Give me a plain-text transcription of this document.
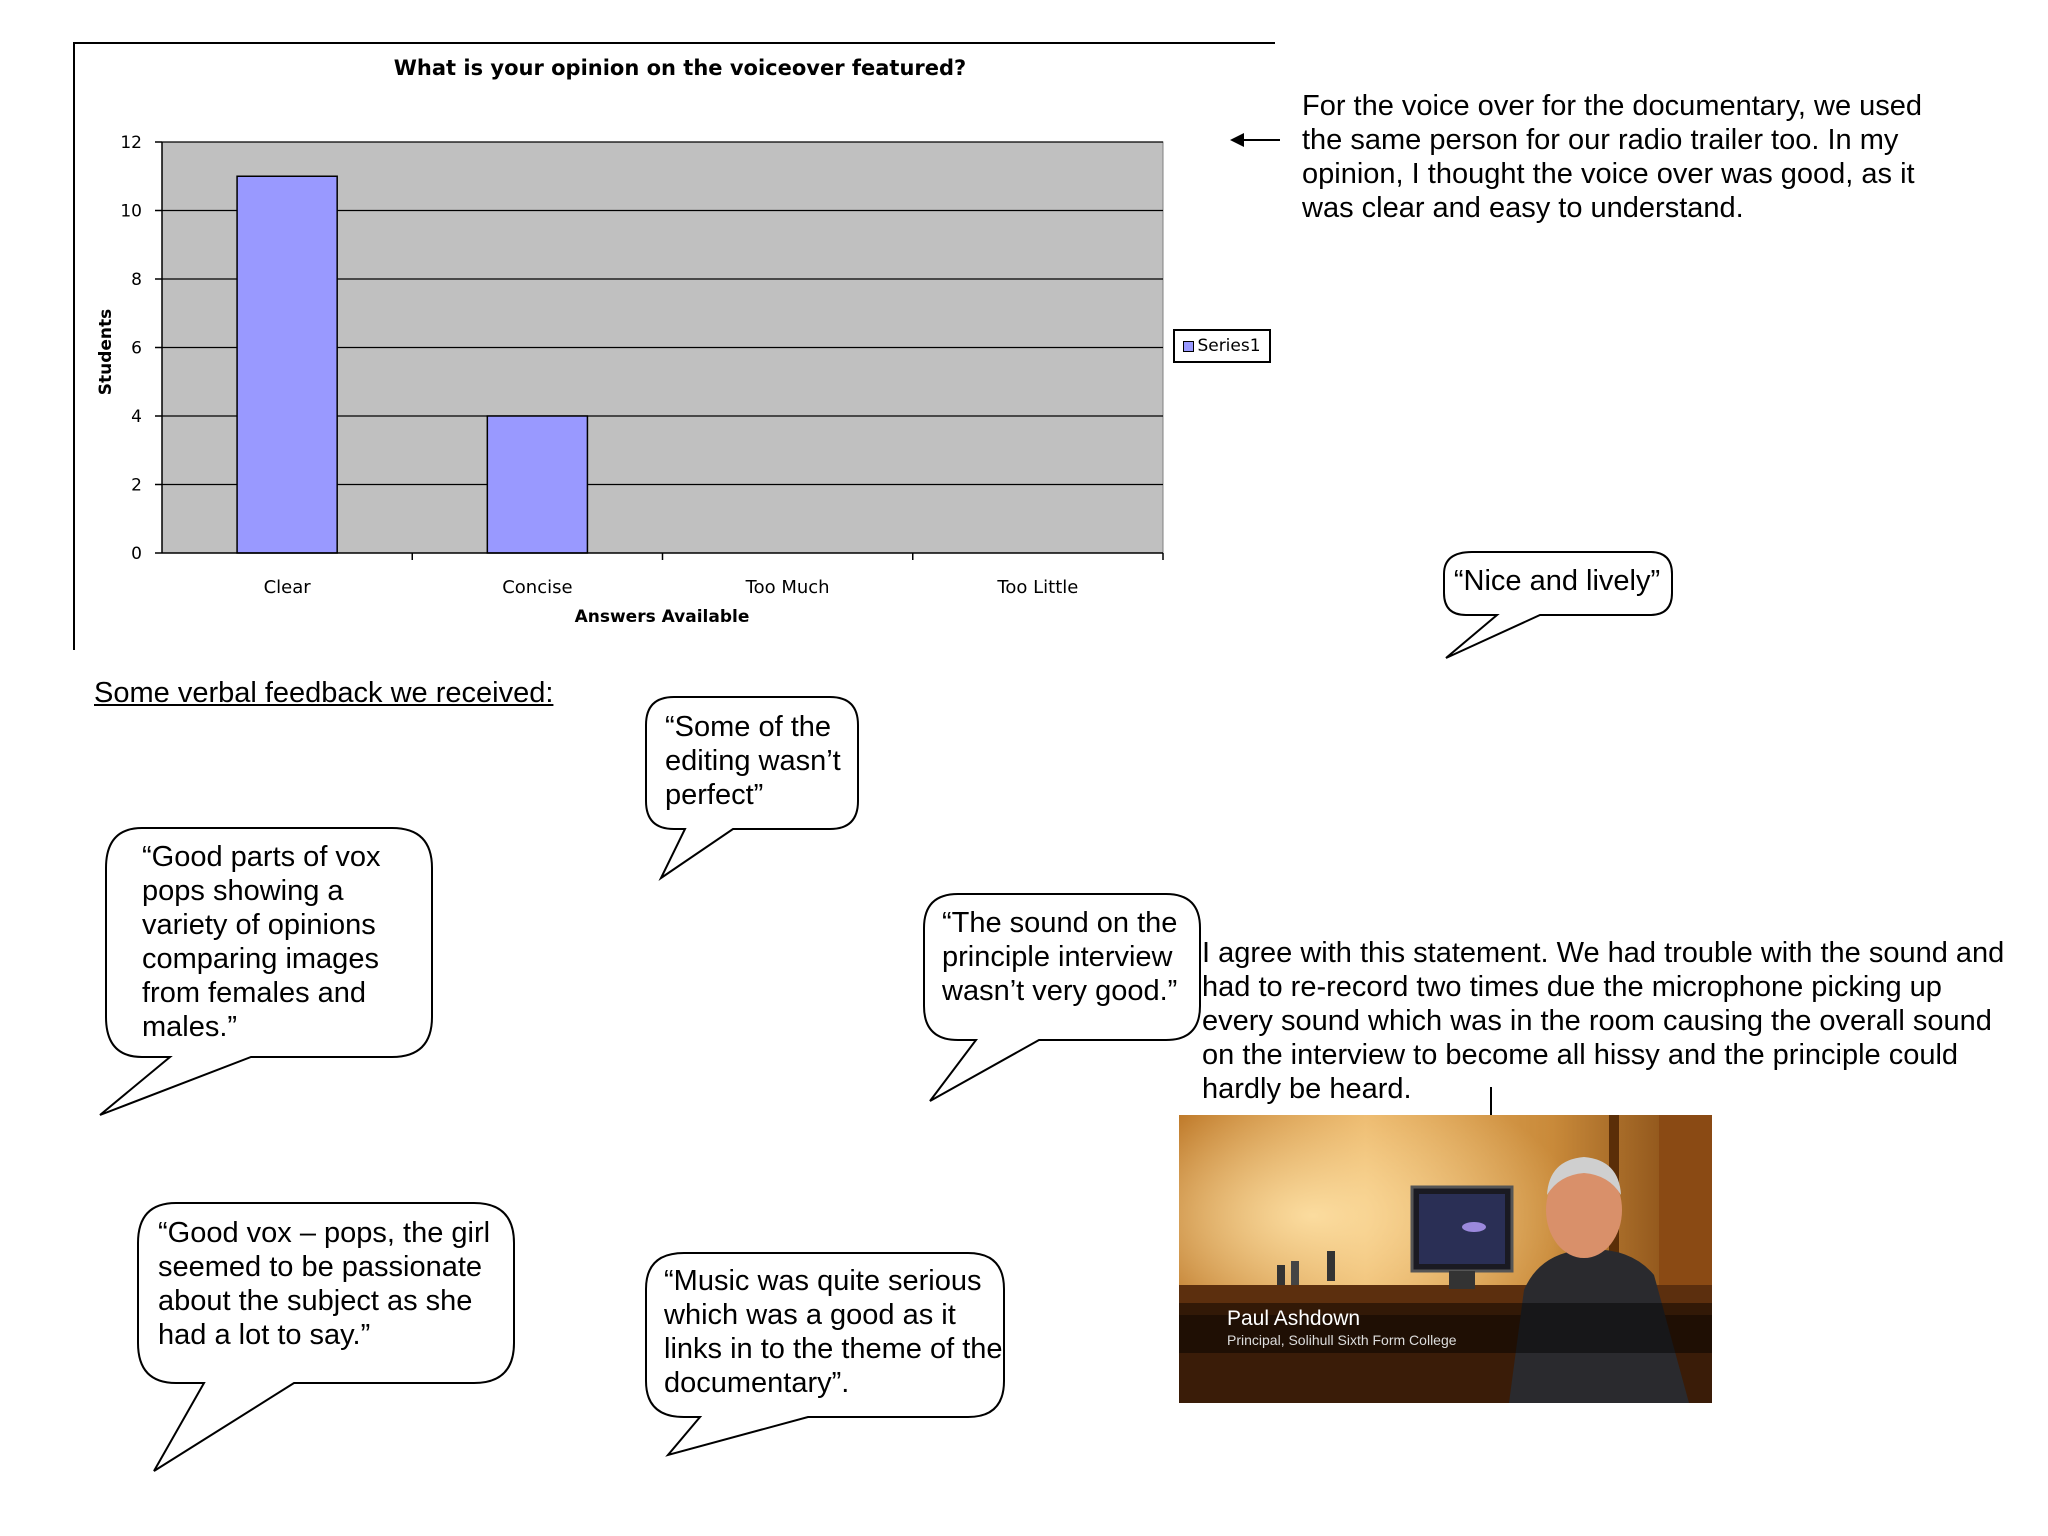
What is your opinion on the voiceover featured?
0
2
4
6
8
10
12
Clear	Concise	Too Much	Too Little
Students
Answers Available
Series1
For the voice over for the documentary, we used
the same person for our radio trailer too. In my
opinion, I thought the voice over was good, as it
was clear and easy to understand.
Some verbal feedback we received:
“Nice and lively”
“Some of the
editing wasn’t
perfect”
“Good parts of vox
pops showing a
variety of opinions
comparing images
from females and
males.”
“The sound on the
principle interview
wasn’t very good.”
“Good vox – pops, the girl
seemed to be passionate
about the subject as she
had a lot to say.”
“Music was quite serious
which was a good as it
links in to the theme of the
documentary”.
I agree with this statement. We had trouble with the sound and
had to re-record two times due the microphone picking up
every sound which was in the room causing the overall sound
on the interview to become all hissy and the principle could
hardly be heard.
Paul Ashdown
Principal, Solihull Sixth Form College
